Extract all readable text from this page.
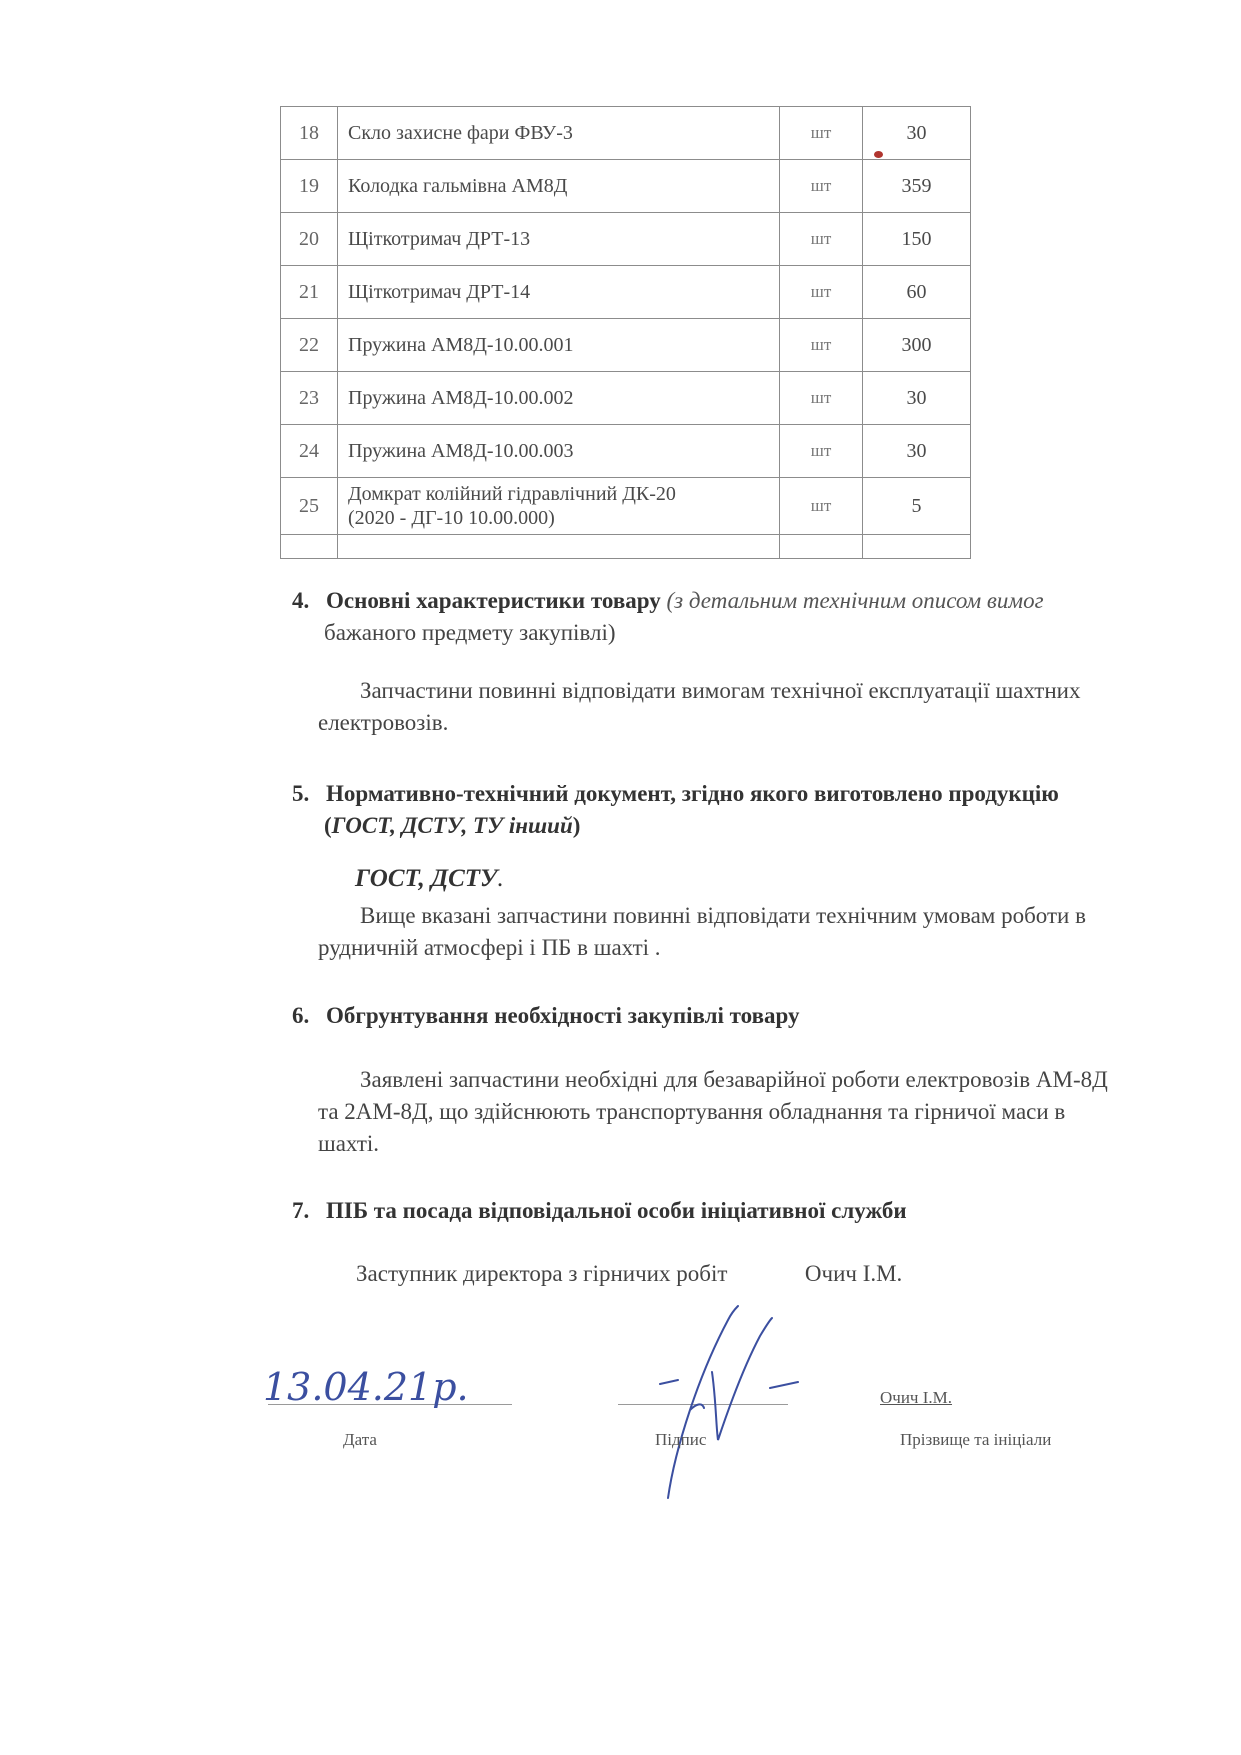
18	Скло захисне фари ФВУ-3	шт	30
19	Колодка гальмівна АМ8Д	шт	359
20	Щіткотримач ДРТ-13	шт	150
21	Щіткотримач ДРТ-14	шт	60
22	Пружина АМ8Д-10.00.001	шт	300
23	Пружина АМ8Д-10.00.002	шт	30
24	Пружина АМ8Д-10.00.003	шт	30
25	Домкрат колійний гідравлічний ДК-20
(2020 - ДГ-10 10.00.000)	шт	5

4. Основні характеристики товару (з детальним технічним описом вимог
бажаного предмету закупівлі)
Запчастини повинні відповідати вимогам технічної експлуатації шахтних
електровозів.
5. Нормативно-технічний документ, згідно якого виготовлено продукцію
(ГОСТ, ДСТУ, ТУ інший)
ГОСТ, ДСТУ.
Вище вказані запчастини повинні відповідати технічним умовам роботи в
рудничній атмосфері і ПБ в шахті .
6. Обгрунтування необхідності закупівлі товару
Заявлені запчастини необхідні для безаварійної роботи електровозів АМ-8Д
та 2АМ-8Д, що здійснюють транспортування обладнання та гірничої маси в
шахті.
7. ПІБ та посада відповідальної особи ініціативної служби
Заступник директора з гірничих робіт	Очич І.М.
13.04.21р.
Дата	Підпис
Очич І.М.
Прізвище та ініціали
